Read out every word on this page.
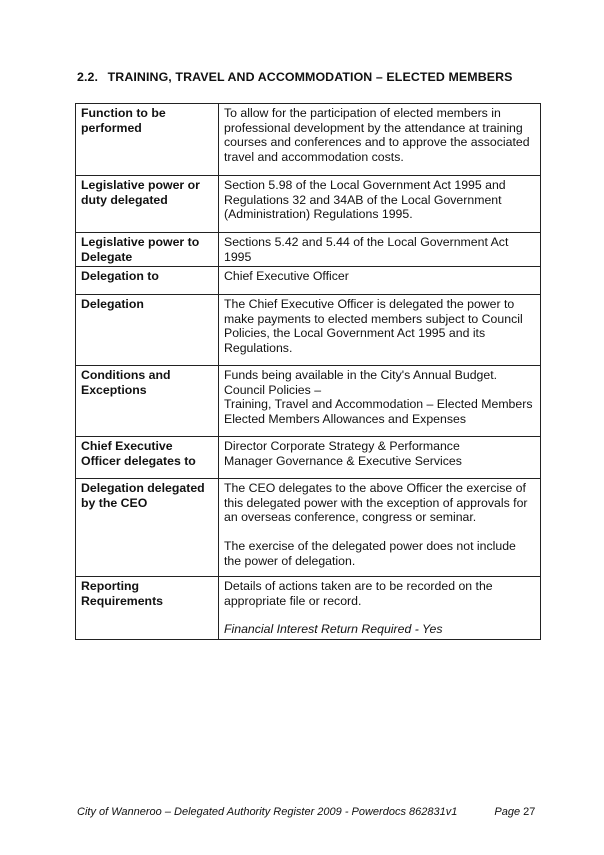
2.2. TRAINING, TRAVEL AND ACCOMMODATION – ELECTED MEMBERS
Function to be performed	To allow for the participation of elected members in professional development by the attendance at training courses and conferences and to approve the associated travel and accommodation costs.

Legislative power or duty delegated	Section 5.98 of the Local Government Act 1995 and Regulations 32 and 34AB of the Local Government (Administration) Regulations 1995.

Legislative power to Delegate	Sections 5.42 and 5.44 of the Local Government Act 1995

Delegation to	Chief Executive Officer

Delegation	The Chief Executive Officer is delegated the power to make payments to elected members subject to Council Policies, the Local Government Act 1995 and its Regulations.

Conditions and Exceptions	Funds being available in the City's Annual Budget.
Council Policies –
Training, Travel and Accommodation – Elected Members
Elected Members Allowances and Expenses

Chief Executive Officer delegates to	Director Corporate Strategy & Performance
Manager Governance & Executive Services

Delegation delegated by the CEO	The CEO delegates to the above Officer the exercise of this delegated power with the exception of approvals for an overseas conference, congress or seminar.
The exercise of the delegated power does not include the power of delegation.

Reporting Requirements	Details of actions taken are to be recorded on the appropriate file or record.
Financial Interest Return Required - Yes
City of Wanneroo – Delegated Authority Register 2009 - Powerdocs 862831v1	Page 27
